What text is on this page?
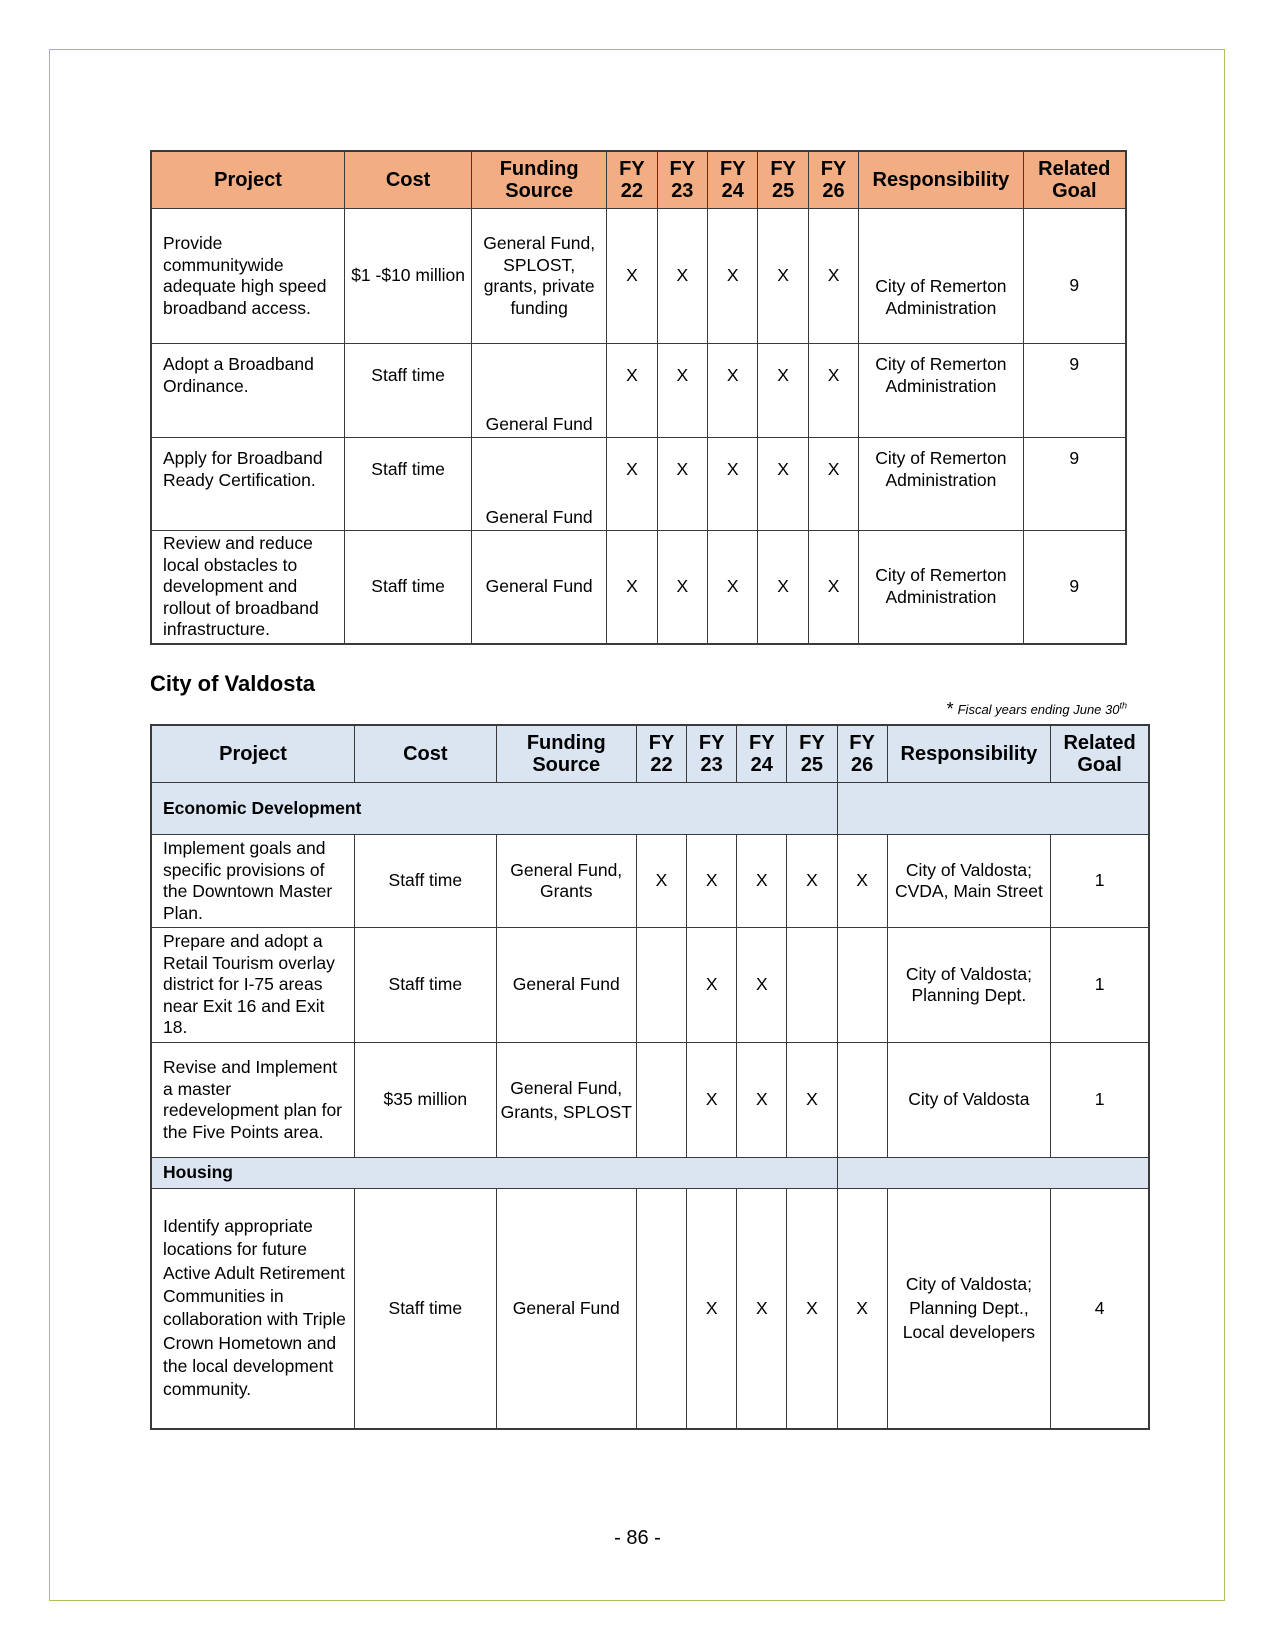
Project	Cost	Funding Source	FY 22	FY 23	FY 24	FY 25	FY 26	Responsibility	Related Goal
Provide communitywide adequate high speed broadband access.	$1 -$10 million	General Fund, SPLOST, grants, private funding	X	X	X	X	X	City of Remerton Administration	9
Adopt a Broadband Ordinance.	Staff time	General Fund	X	X	X	X	X	City of Remerton Administration	9
Apply for Broadband Ready Certification.	Staff time	General Fund	X	X	X	X	X	City of Remerton Administration	9
Review and reduce local obstacles to development and rollout of broadband infrastructure.	Staff time	General Fund	X	X	X	X	X	City of Remerton Administration	9
City of Valdosta
* Fiscal years ending June 30th
Project	Cost	Funding Source	FY 22	FY 23	FY 24	FY 25	FY 26	Responsibility	Related Goal
Economic Development									
Implement goals and specific provisions of the Downtown Master Plan.	Staff time	General Fund, Grants	X	X	X	X	X	City of Valdosta; CVDA, Main Street	1
Prepare and adopt a Retail Tourism overlay district for I-75 areas near Exit 16 and Exit 18.	Staff time	General Fund		X	X			City of Valdosta; Planning Dept.	1
Revise and Implement a master redevelopment plan for the Five Points area.	$35 million	General Fund, Grants, SPLOST		X	X	X		City of Valdosta	1
Housing									
Identify appropriate locations for future Active Adult Retirement Communities in collaboration with Triple Crown Hometown and the local development community.	Staff time	General Fund		X	X	X	X	City of Valdosta; Planning Dept., Local developers	4
- 86 -
